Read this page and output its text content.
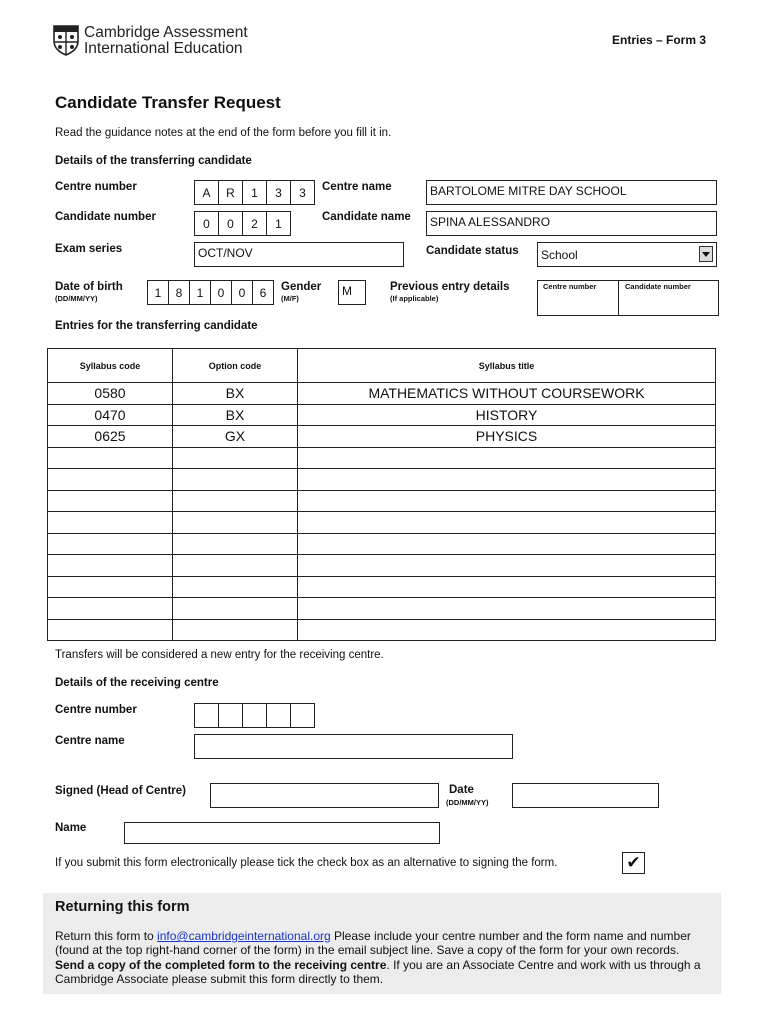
Cambridge Assessment
International Education	Entries – Form 3
Candidate Transfer Request
Read the guidance notes at the end of the form before you fill it in.
Details of the transferring candidate
Centre number	A	R	1	3	3	Centre name	BARTOLOME MITRE DAY SCHOOL
Candidate number	0	0	2	1	Candidate name	SPINA ALESSANDRO
Exam series	OCT/NOV	Candidate status School
Date of birth
(DD/MM/YY)	1	8	1	0	0	6	Gender
(M/F)
M	Previous entry details
(If applicable)
Centre number	Candidate number
Entries for the transferring candidate
Syllabus code	Option code	Syllabus title
0580	BX	MATHEMATICS WITHOUT COURSEWORK
0470	BX	HISTORY
0625	GX	PHYSICS

Transfers will be considered a new entry for the receiving centre.
Details of the receiving centre
Centre number
Centre name
Signed (Head of Centre)	Date
(DD/MM/YY)
Name
If you submit this form electronically please tick the check box as an alternative to signing the form.	✔
Returning this form
Return this form to info@cambridgeinternational.org Please include your centre number and the form name and number (found at the top right-hand corner of the form) in the email subject line. Save a copy of the form for your own records. Send a copy of the completed form to the receiving centre. If you are an Associate Centre and work with us through a Cambridge Associate please submit this form directly to them.
